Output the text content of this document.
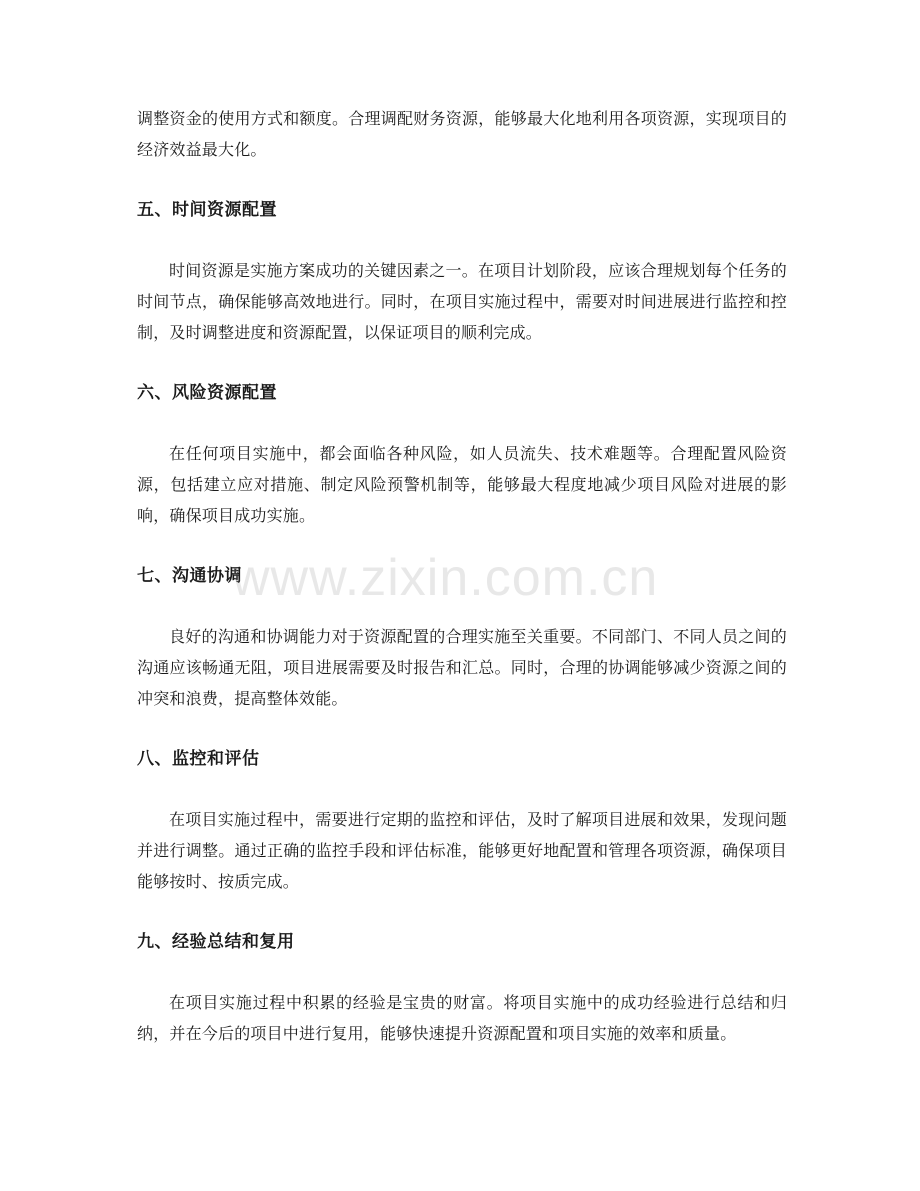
调整资金的使用方式和额度。合理调配财务资源，能够最大化地利用各项资源，实现项目的经济效益最大化。

五、时间资源配置

时间资源是实施方案成功的关键因素之一。在项目计划阶段，应该合理规划每个任务的时间节点，确保能够高效地进行。同时，在项目实施过程中，需要对时间进展进行监控和控制，及时调整进度和资源配置，以保证项目的顺利完成。

六、风险资源配置

在任何项目实施中，都会面临各种风险，如人员流失、技术难题等。合理配置风险资源，包括建立应对措施、制定风险预警机制等，能够最大程度地减少项目风险对进展的影响，确保项目成功实施。

七、沟通协调

良好的沟通和协调能力对于资源配置的合理实施至关重要。不同部门、不同人员之间的沟通应该畅通无阻，项目进展需要及时报告和汇总。同时，合理的协调能够减少资源之间的冲突和浪费，提高整体效能。

八、监控和评估

在项目实施过程中，需要进行定期的监控和评估，及时了解项目进展和效果，发现问题并进行调整。通过正确的监控手段和评估标准，能够更好地配置和管理各项资源，确保项目能够按时、按质完成。

九、经验总结和复用

在项目实施过程中积累的经验是宝贵的财富。将项目实施中的成功经验进行总结和归纳，并在今后的项目中进行复用，能够快速提升资源配置和项目实施的效率和质量。

www.zixin.com.cn
